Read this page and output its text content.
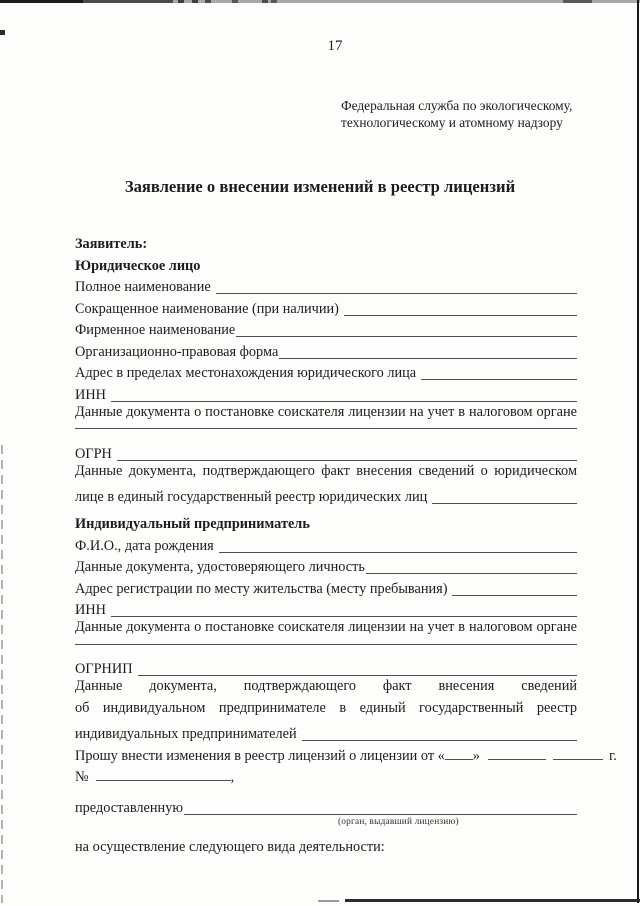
17
Федеральная служба по экологическому,
технологическому и атомному надзору
Заявление о внесении изменений в реестр лицензий
Заявитель:
Юридическое лицо
Полное наименование
Сокращенное наименование (при наличии)
Фирменное наименование
Организационно-правовая форма
Адрес в пределах местонахождения юридического лица
ИНН
Данные документа о постановке соискателя лицензии на учет в налоговом органе
ОГРН
Данные документа, подтверждающего факт внесения сведений о юридическом
лице в единый государственный реестр юридических лиц
Индивидуальный предприниматель
Ф.И.О., дата рождения
Данные документа, удостоверяющего личность
Адрес регистрации по месту жительства (месту пребывания)
ИНН
Данные документа о постановке соискателя лицензии на учет в налоговом органе
ОГРНИП
Данные документа, подтверждающего факт внесения сведений
об индивидуальном предпринимателе в единый государственный реестр
индивидуальных предпринимателей
Прошу внести изменения в реестр лицензий о лицензии от « »	г.
№	,
предоставленную
(орган, выдавший лицензию)
на осуществление следующего вида деятельности:
